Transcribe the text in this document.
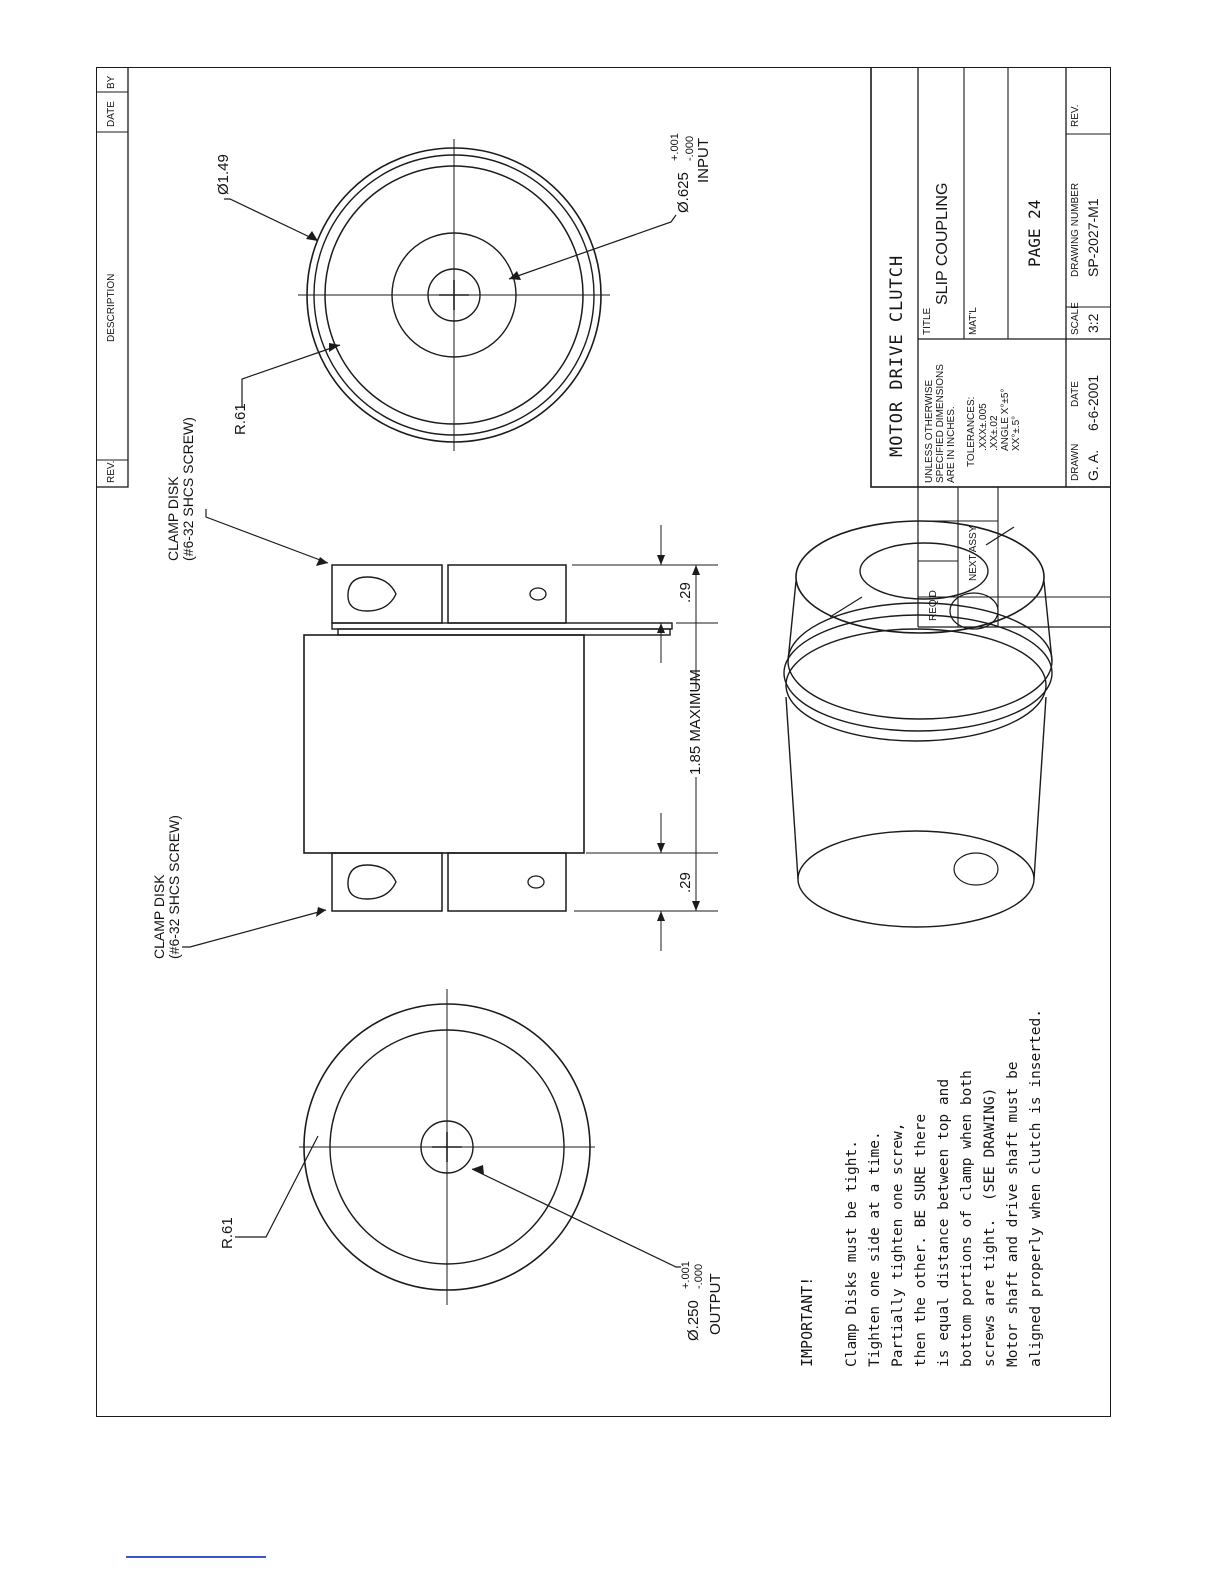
REV.
DESCRIPTION
DATE
BY
R.61
Ø.250
+.001 -.000 OUTPUT
CLAMP DISK
(#6-32 SHCS SCREW)
CLAMP DISK
(#6-32 SHCS SCREW)
.29
.29
1.85 MAXIMUM
R.61
Ø1.49	Ø.625
+.001 -.000 INPUT
IMPORTANT! Clamp Disks must be tight. Tighten one side at a time. Partially tighten one screw, then the other. BE SURE there is equal distance between top and bottom portions of clamp when both screws are tight.  (SEE DRAWING) Motor shaft and drive shaft must be aligned properly when clutch is inserted.
MOTOR DRIVE CLUTCH
REQ'D
NEXT ASSY
UNLESS OTHERWISE
SPECIFIED DIMENSIONS
ARE IN INCHES. TOLERANCES: .XXX±.005
.XX±.02
ANGLE X°±5°
XX°±.5°
TITLE
SLIP COUPLING
MAT'L
PAGE 24
DRAWN
DATE
G. A.
6-6-2001
SCALE 3:2
DRAWING NUMBER SP-2027-M1
REV.
